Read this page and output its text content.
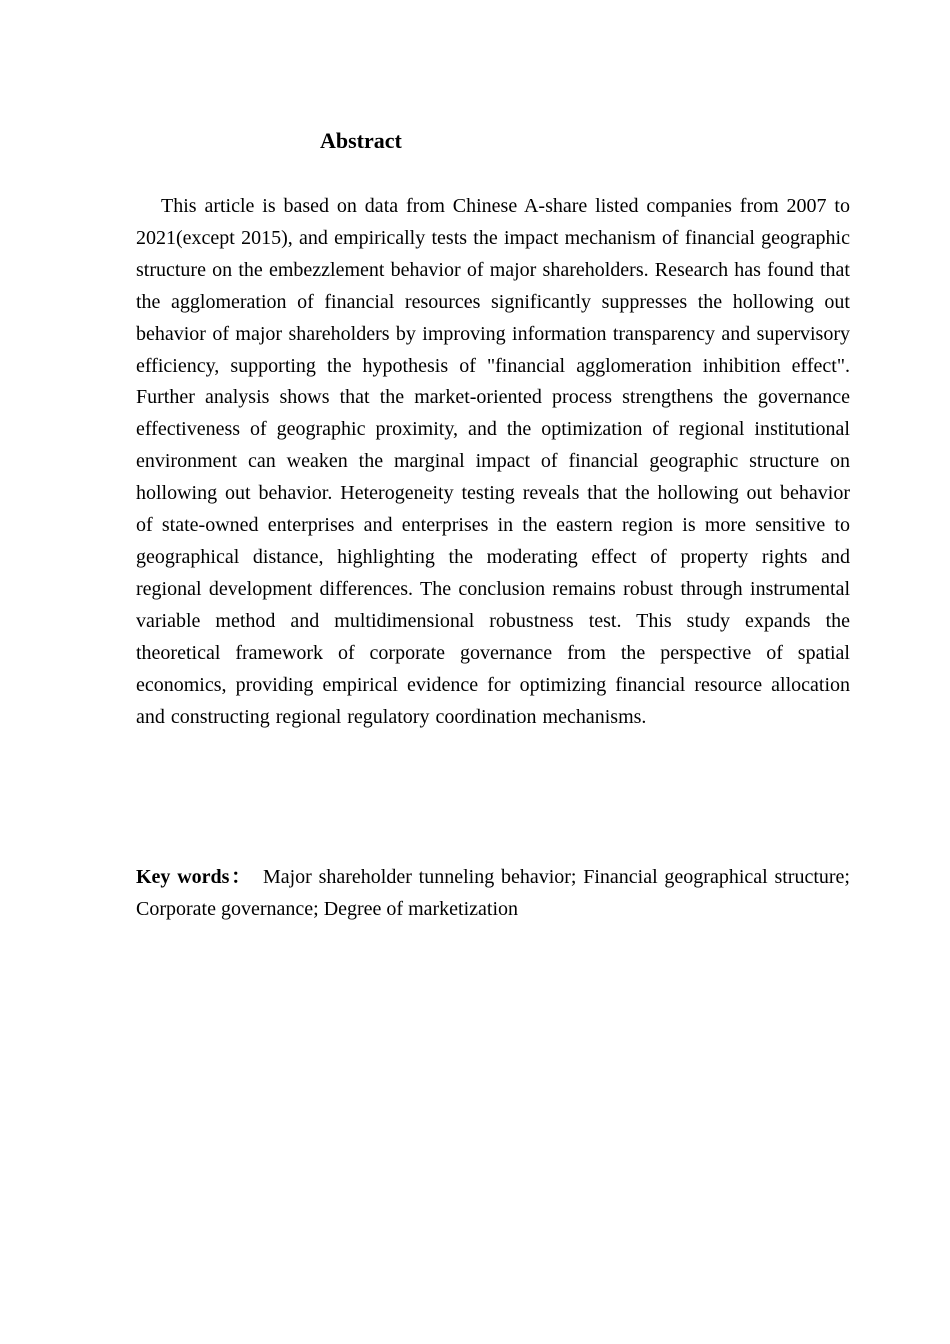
Abstract

This article is based on data from Chinese A-share listed companies from 2007 to 2021(except 2015), and empirically tests the impact mechanism of financial geographic structure on the embezzlement behavior of major shareholders. Research has found that the agglomeration of financial resources significantly suppresses the hollowing out behavior of major shareholders by improving information transparency and supervisory efficiency, supporting the hypothesis of "financial agglomeration inhibition effect". Further analysis shows that the market-oriented process strengthens the governance effectiveness of geographic proximity, and the optimization of regional institutional environment can weaken the marginal impact of financial geographic structure on hollowing out behavior. Heterogeneity testing reveals that the hollowing out behavior of state-owned enterprises and enterprises in the eastern region is more sensitive to geographical distance, highlighting the moderating effect of property rights and regional development differences. The conclusion remains robust through instrumental variable method and multidimensional robustness test. This study expands the theoretical framework of corporate governance from the perspective of spatial economics, providing empirical evidence for optimizing financial resource allocation and constructing regional regulatory coordination mechanisms.

Key words： Major shareholder tunneling behavior; Financial geographical structure; Corporate governance; Degree of marketization
